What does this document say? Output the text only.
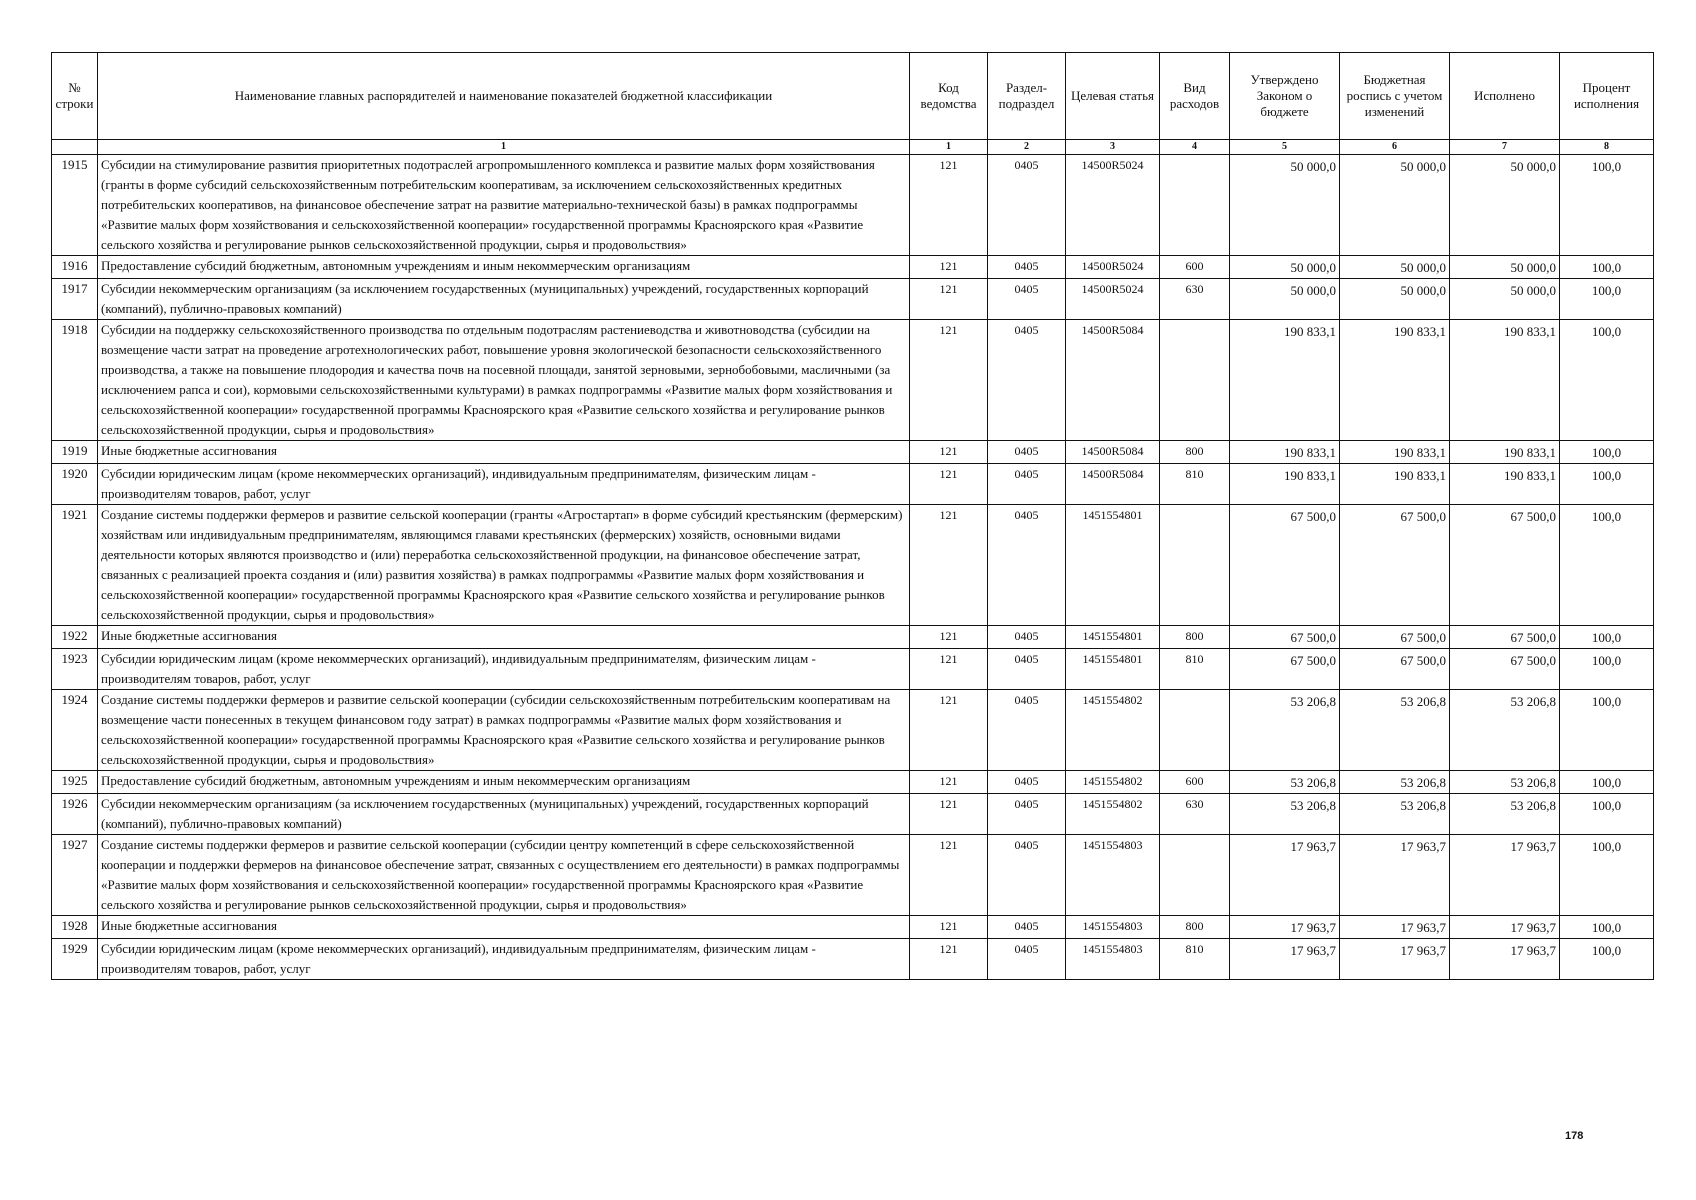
№ строки	Наименование главных распорядителей и наименование показателей бюджетной классификации	Код ведомства	Раздел-подраздел	Целевая статья	Вид расходов	Утверждено Законом о бюджете	Бюджетная роспись с учетом изменений	Исполнено	Процент исполнения
	1	1	2	3	4	5	6	7	8
1915	Субсидии на стимулирование развития приоритетных подотраслей агропромышленного комплекса и развитие малых форм хозяйствования (гранты в форме субсидий сельскохозяйственным потребительским кооперативам, за исключением сельскохозяйственных кредитных потребительских кооперативов, на финансовое обеспечение затрат на развитие материально-технической базы) в рамках подпрограммы «Развитие малых форм хозяйствования и сельскохозяйственной кооперации» государственной программы Красноярского края «Развитие сельского хозяйства и регулирование рынков сельскохозяйственной продукции, сырья и продовольствия»	121	0405	14500R5024		50 000,0	50 000,0	50 000,0	100,0
1916	Предоставление субсидий бюджетным, автономным учреждениям и иным некоммерческим организациям	121	0405	14500R5024	600	50 000,0	50 000,0	50 000,0	100,0
1917	Субсидии некоммерческим организациям (за исключением государственных (муниципальных) учреждений, государственных корпораций (компаний), публично-правовых компаний)	121	0405	14500R5024	630	50 000,0	50 000,0	50 000,0	100,0
1918	Субсидии на поддержку сельскохозяйственного производства по отдельным подотраслям растениеводства и животноводства (субсидии на возмещение части затрат на проведение агротехнологических работ, повышение уровня экологической безопасности сельскохозяйственного производства, а также на повышение плодородия и качества почв на посевной площади, занятой зерновыми, зернобобовыми, масличными (за исключением рапса и сои), кормовыми сельскохозяйственными культурами) в рамках подпрограммы «Развитие малых форм хозяйствования и сельскохозяйственной кооперации» государственной программы Красноярского края «Развитие сельского хозяйства и регулирование рынков сельскохозяйственной продукции, сырья и продовольствия»	121	0405	14500R5084		190 833,1	190 833,1	190 833,1	100,0
1919	Иные бюджетные ассигнования	121	0405	14500R5084	800	190 833,1	190 833,1	190 833,1	100,0
1920	Субсидии юридическим лицам (кроме некоммерческих организаций), индивидуальным предпринимателям, физическим лицам - производителям товаров, работ, услуг	121	0405	14500R5084	810	190 833,1	190 833,1	190 833,1	100,0
1921	Создание системы поддержки фермеров и развитие сельской кооперации (гранты «Агростартап» в форме субсидий крестьянским (фермерским) хозяйствам или индивидуальным предпринимателям, являющимся главами крестьянских (фермерских) хозяйств, основными видами деятельности которых являются производство и (или) переработка сельскохозяйственной продукции, на финансовое обеспечение затрат, связанных с реализацией проекта создания и (или) развития хозяйства) в рамках подпрограммы «Развитие малых форм хозяйствования и сельскохозяйственной кооперации» государственной программы Красноярского края «Развитие сельского хозяйства и регулирование рынков сельскохозяйственной продукции, сырья и продовольствия»	121	0405	1451554801		67 500,0	67 500,0	67 500,0	100,0
1922	Иные бюджетные ассигнования	121	0405	1451554801	800	67 500,0	67 500,0	67 500,0	100,0
1923	Субсидии юридическим лицам (кроме некоммерческих организаций), индивидуальным предпринимателям, физическим лицам - производителям товаров, работ, услуг	121	0405	1451554801	810	67 500,0	67 500,0	67 500,0	100,0
1924	Создание системы поддержки фермеров и развитие сельской кооперации (субсидии сельскохозяйственным потребительским кооперативам на возмещение части понесенных в текущем финансовом году затрат) в рамках подпрограммы «Развитие малых форм хозяйствования и сельскохозяйственной кооперации» государственной программы Красноярского края «Развитие сельского хозяйства и регулирование рынков сельскохозяйственной продукции, сырья и продовольствия»	121	0405	1451554802		53 206,8	53 206,8	53 206,8	100,0
1925	Предоставление субсидий бюджетным, автономным учреждениям и иным некоммерческим организациям	121	0405	1451554802	600	53 206,8	53 206,8	53 206,8	100,0
1926	Субсидии некоммерческим организациям (за исключением государственных (муниципальных) учреждений, государственных корпораций (компаний), публично-правовых компаний)	121	0405	1451554802	630	53 206,8	53 206,8	53 206,8	100,0
1927	Создание системы поддержки фермеров и развитие сельской кооперации (субсидии центру компетенций в сфере сельскохозяйственной кооперации и поддержки фермеров на финансовое обеспечение затрат, связанных с осуществлением его деятельности) в рамках подпрограммы «Развитие малых форм хозяйствования и сельскохозяйственной кооперации» государственной программы Красноярского края «Развитие сельского хозяйства и регулирование рынков сельскохозяйственной продукции, сырья и продовольствия»	121	0405	1451554803		17 963,7	17 963,7	17 963,7	100,0
1928	Иные бюджетные ассигнования	121	0405	1451554803	800	17 963,7	17 963,7	17 963,7	100,0
1929	Субсидии юридическим лицам (кроме некоммерческих организаций), индивидуальным предпринимателям, физическим лицам - производителям товаров, работ, услуг	121	0405	1451554803	810	17 963,7	17 963,7	17 963,7	100,0
178
